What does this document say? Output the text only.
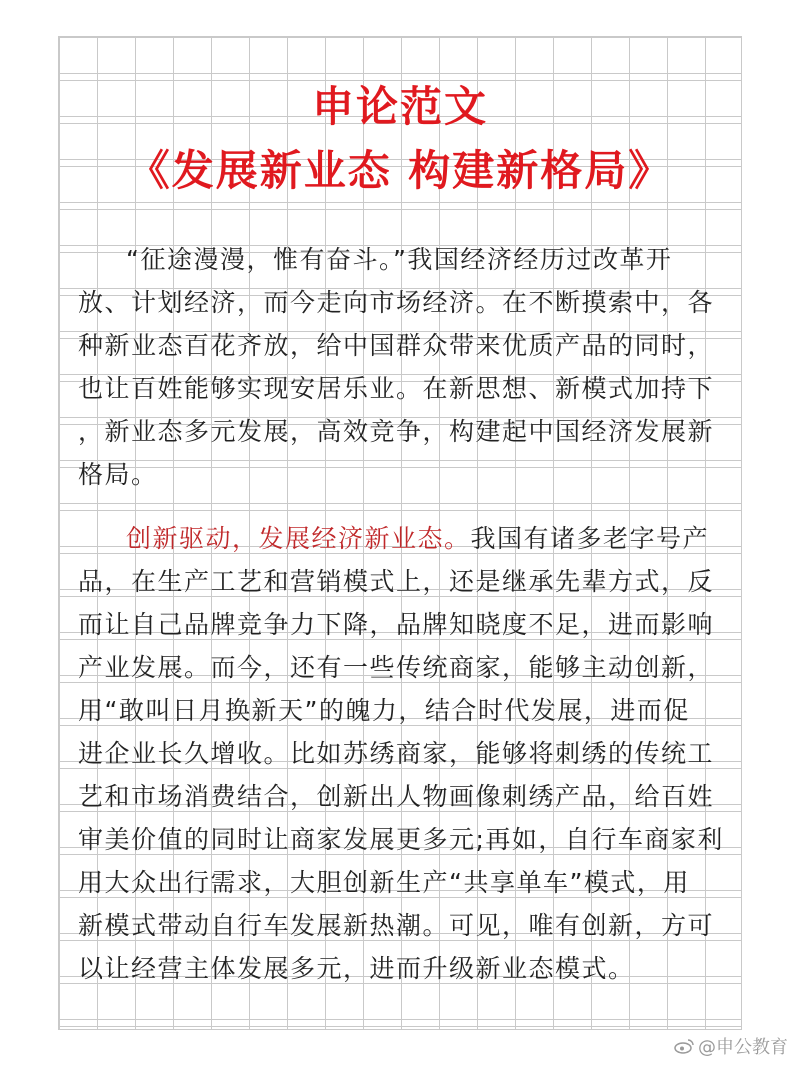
申论范文
《发展新业态 构建新格局》
“征途漫漫，惟有奋斗。”我国经济经历过改革开
放、计划经济，而今走向市场经济。在不断摸索中，各
种新业态百花齐放，给中国群众带来优质产品的同时，
也让百姓能够实现安居乐业。在新思想、新模式加持下
，新业态多元发展，高效竞争，构建起中国经济发展新
格局。
创新驱动，发展经济新业态。我国有诸多老字号产
品，在生产工艺和营销模式上，还是继承先辈方式，反
而让自己品牌竞争力下降，品牌知晓度不足，进而影响
产业发展。而今，还有一些传统商家，能够主动创新，
用“敢叫日月换新天”的魄力，结合时代发展，进而促
进企业长久增收。比如苏绣商家，能够将刺绣的传统工
艺和市场消费结合，创新出人物画像刺绣产品，给百姓
审美价值的同时让商家发展更多元;再如，自行车商家利
用大众出行需求，大胆创新生产“共享单车”模式，用
新模式带动自行车发展新热潮。可见，唯有创新，方可
以让经营主体发展多元，进而升级新业态模式。
@申公教育
